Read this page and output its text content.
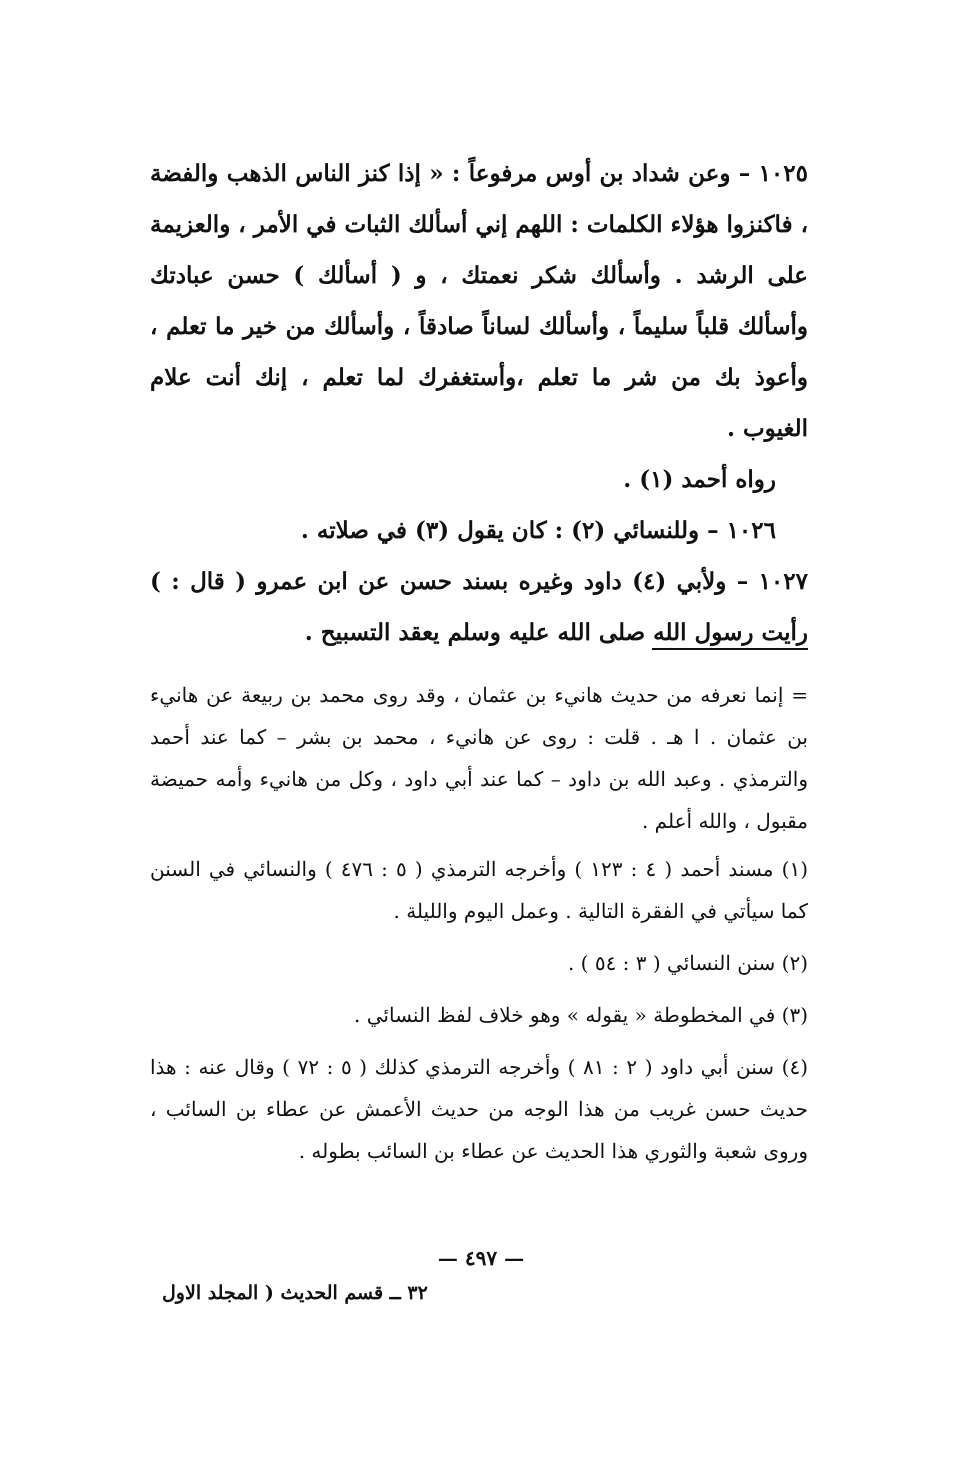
١٠٢٥ – وعن شداد بن أوس مرفوعاً : « إذا كنز الناس الذهب والفضة ، فاكنزوا هؤلاء الكلمات : اللهم إني أسألك الثبات في الأمر ، والعزيمة على الرشد . وأسألك شكر نعمتك ، و ( أسألك ) حسن عبادتك وأسألك قلباً سليماً ، وأسألك لساناً صادقاً ، وأسألك من خير ما تعلم ، وأعوذ بك من شر ما تعلم ،وأستغفرك لما تعلم ، إنك أنت علام الغيوب .

رواه أحمد (١) .

١٠٢٦ – وللنسائي (٢) : كان يقول (٣) في صلاته .

١٠٢٧ – ولأبي (٤) داود وغيره بسند حسن عن ابن عمرو ( قال : ) رأيت رسول الله صلى الله عليه وسلم يعقد التسبيح .

= إنما نعرفه من حديث هانيء بن عثمان ، وقد روى محمد بن ربيعة عن هانيء بن عثمان . ا هـ . قلت : روى عن هانيء ، محمد بن بشر – كما عند أحمد والترمذي . وعبد الله بن داود – كما عند أبي داود ، وكل من هانيء وأمه حميضة مقبول ، والله أعلم .

(١) مسند أحمد ( ٤ : ١٢٣ ) وأخرجه الترمذي ( ٥ : ٤٧٦ ) والنسائي في السنن كما سيأتي في الفقرة التالية . وعمل اليوم والليلة .

(٢) سنن النسائي ( ٣ : ٥٤ ) .

(٣) في المخطوطة « يقوله » وهو خلاف لفظ النسائي .

(٤) سنن أبي داود ( ٢ : ٨١ ) وأخرجه الترمذي كذلك ( ٥ : ٧٢ ) وقال عنه : هذا حديث حسن غريب من هذا الوجه من حديث الأعمش عن عطاء بن السائب ، وروى شعبة والثوري هذا الحديث عن عطاء بن السائب بطوله .

— ٤٩٧ —
٣٢ ــ قسم الحديث ( المجلد الاول
